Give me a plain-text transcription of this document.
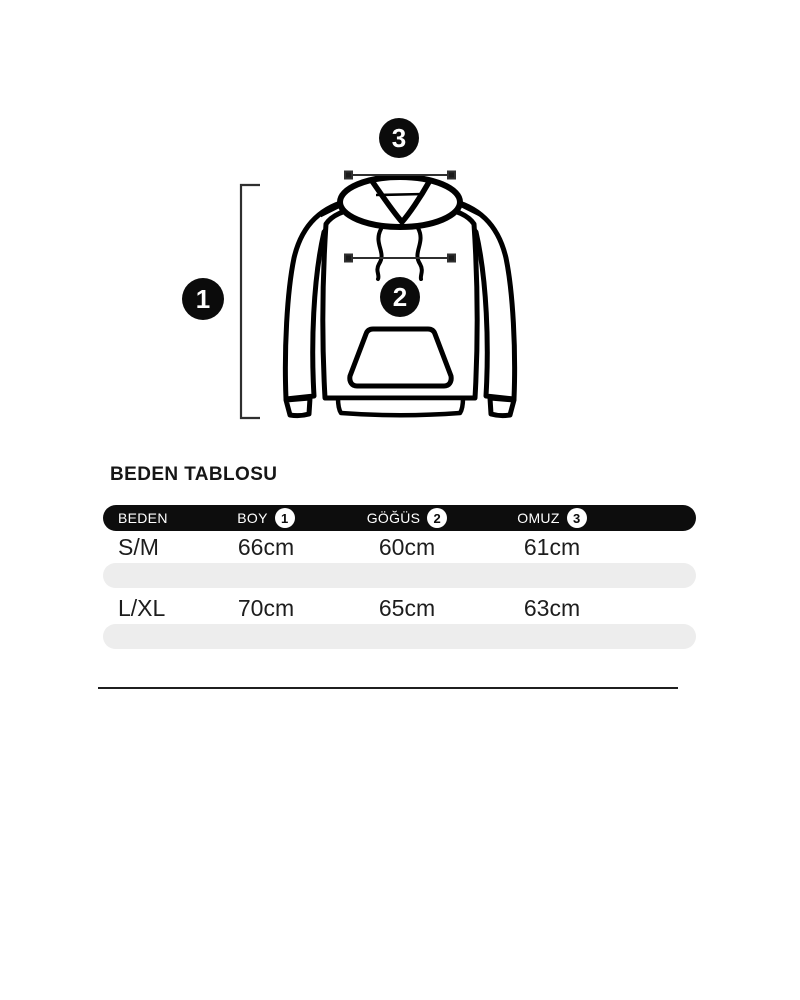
1	2
3
BEDEN TABLOSU
BEDEN	BOY	1	GÖĞÜS	2	OMUZ	3
S/M	66cm	60cm	61cm
L/XL	70cm	65cm	63cm
